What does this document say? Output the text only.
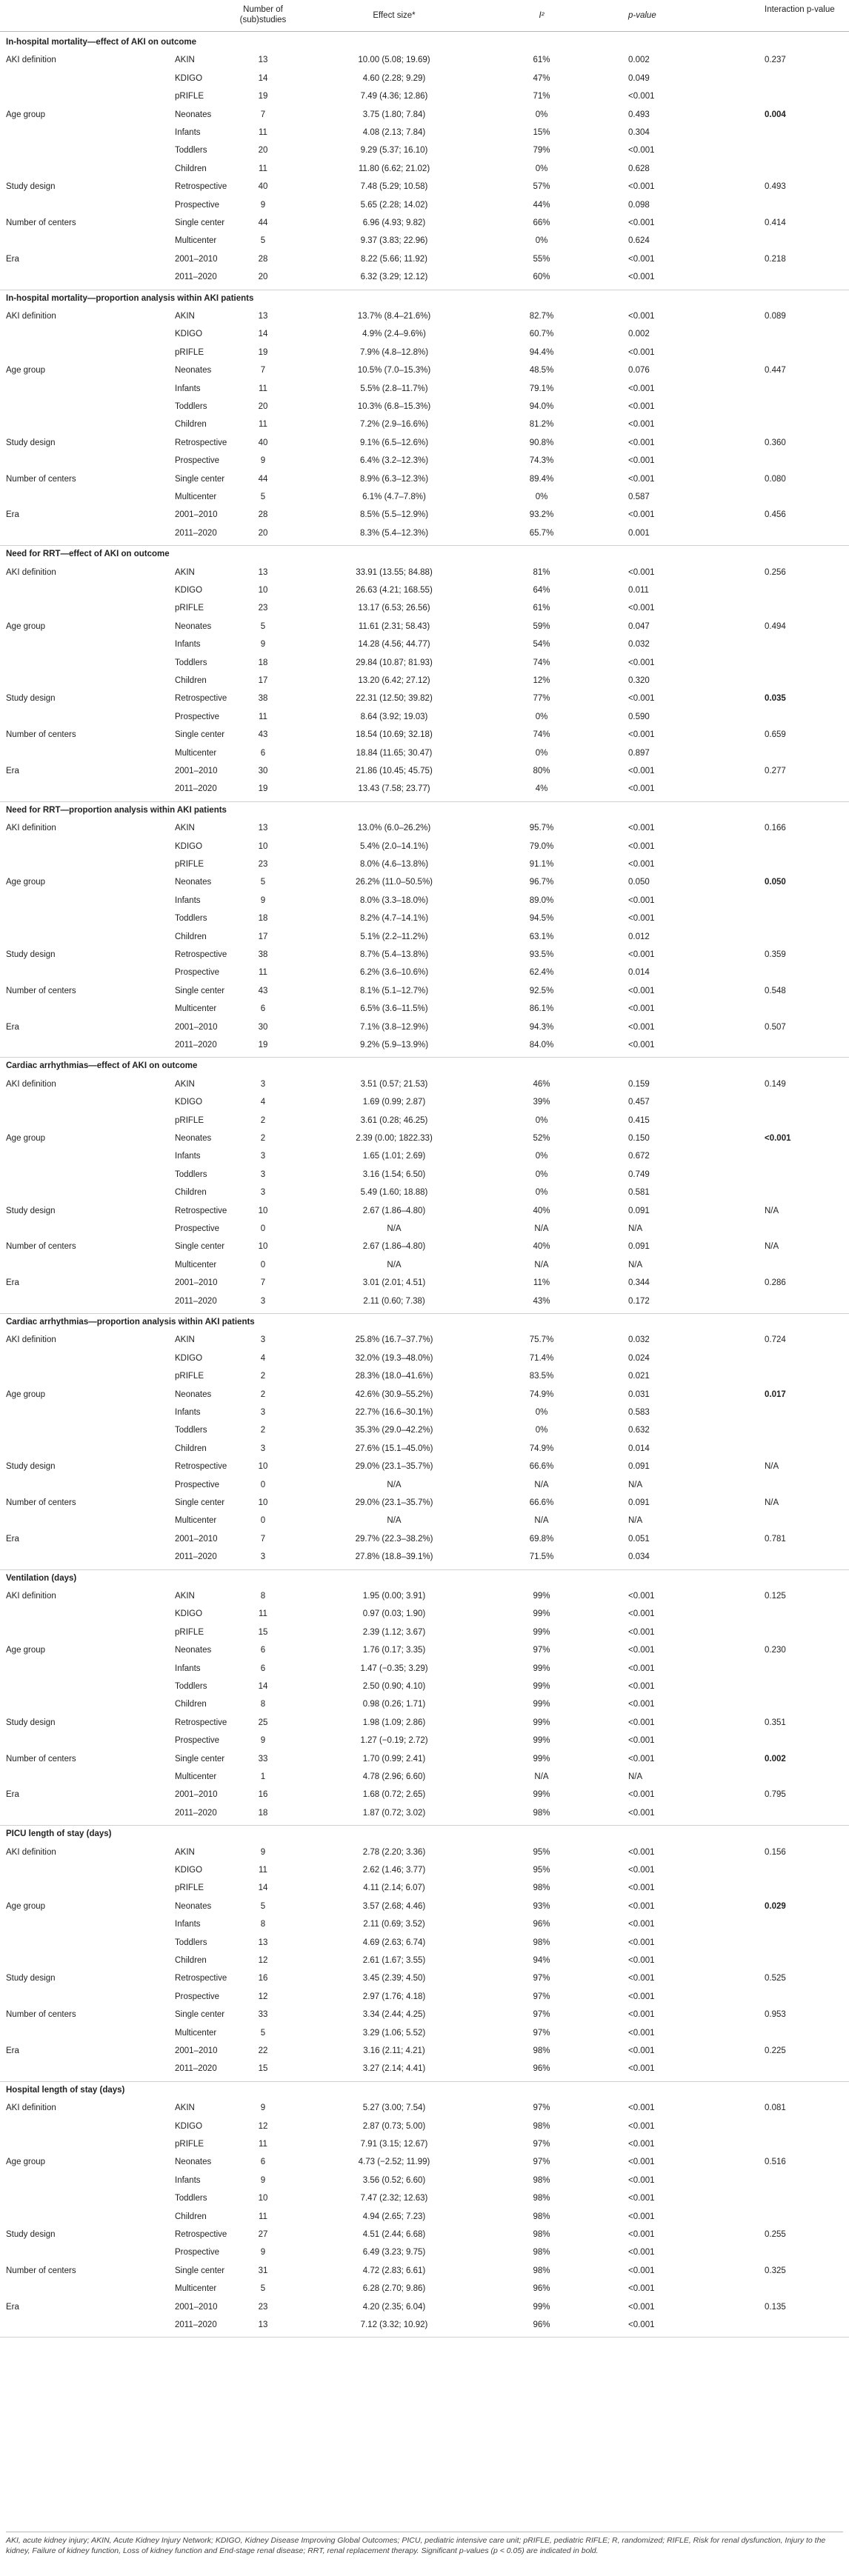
Number of (sub)studies	Effect size*	I²	p-value
Interaction p-value
In-hospital mortality—effect of AKI on outcome
AKI definition	AKIN	13	10.00 (5.08; 19.69)	61%	0.002	0.237
KDIGO	14	4.60 (2.28; 9.29)	47%	0.049
pRIFLE	19	7.49 (4.36; 12.86)	71%	<0.001
Age group	Neonates	7	3.75 (1.80; 7.84)	0%	0.493	0.004
Infants	11	4.08 (2.13; 7.84)	15%	0.304
Toddlers	20	9.29 (5.37; 16.10)	79%	<0.001
Children	11	11.80 (6.62; 21.02)	0%	0.628
Study design	Retrospective	40	7.48 (5.29; 10.58)	57%	<0.001	0.493
Prospective	9	5.65 (2.28; 14.02)	44%	0.098
Number of centers	Single center	44	6.96 (4.93; 9.82)	66%	<0.001	0.414
Multicenter	5	9.37 (3.83; 22.96)	0%	0.624
Era	2001–2010	28	8.22 (5.66; 11.92)	55%	<0.001	0.218
2011–2020	20	6.32 (3.29; 12.12)	60%	<0.001
In-hospital mortality—proportion analysis within AKI patients
AKI definition	AKIN	13	13.7% (8.4–21.6%)	82.7%	<0.001	0.089
KDIGO	14	4.9% (2.4–9.6%)	60.7%	0.002
pRIFLE	19	7.9% (4.8–12.8%)	94.4%	<0.001
Age group	Neonates	7	10.5% (7.0–15.3%)	48.5%	0.076	0.447
Infants	11	5.5% (2.8–11.7%)	79.1%	<0.001
Toddlers	20	10.3% (6.8–15.3%)	94.0%	<0.001
Children	11	7.2% (2.9–16.6%)	81.2%	<0.001
Study design	Retrospective	40	9.1% (6.5–12.6%)	90.8%	<0.001	0.360
Prospective	9	6.4% (3.2–12.3%)	74.3%	<0.001
Number of centers	Single center	44	8.9% (6.3–12.3%)	89.4%	<0.001	0.080
Multicenter	5	6.1% (4.7–7.8%)	0%	0.587
Era	2001–2010	28	8.5% (5.5–12.9%)	93.2%	<0.001	0.456
2011–2020	20	8.3% (5.4–12.3%)	65.7%	0.001
Need for RRT—effect of AKI on outcome
AKI definition	AKIN	13	33.91 (13.55; 84.88)	81%	<0.001	0.256
KDIGO	10	26.63 (4.21; 168.55)	64%	0.011
pRIFLE	23	13.17 (6.53; 26.56)	61%	<0.001
Age group	Neonates	5	11.61 (2.31; 58.43)	59%	0.047	0.494
Infants	9	14.28 (4.56; 44.77)	54%	0.032
Toddlers	18	29.84 (10.87; 81.93)	74%	<0.001
Children	17	13.20 (6.42; 27.12)	12%	0.320
Study design	Retrospective	38	22.31 (12.50; 39.82)	77%	<0.001	0.035
Prospective	11	8.64 (3.92; 19.03)	0%	0.590
Number of centers	Single center	43	18.54 (10.69; 32.18)	74%	<0.001	0.659
Multicenter	6	18.84 (11.65; 30.47)	0%	0.897
Era	2001–2010	30	21.86 (10.45; 45.75)	80%	<0.001	0.277
2011–2020	19	13.43 (7.58; 23.77)	4%	<0.001
Need for RRT—proportion analysis within AKI patients
AKI definition	AKIN	13	13.0% (6.0–26.2%)	95.7%	<0.001	0.166
KDIGO	10	5.4% (2.0–14.1%)	79.0%	<0.001
pRIFLE	23	8.0% (4.6–13.8%)	91.1%	<0.001
Age group	Neonates	5	26.2% (11.0–50.5%)	96.7%	0.050	0.050
Infants	9	8.0% (3.3–18.0%)	89.0%	<0.001
Toddlers	18	8.2% (4.7–14.1%)	94.5%	<0.001
Children	17	5.1% (2.2–11.2%)	63.1%	0.012
Study design	Retrospective	38	8.7% (5.4–13.8%)	93.5%	<0.001	0.359
Prospective	11	6.2% (3.6–10.6%)	62.4%	0.014
Number of centers	Single center	43	8.1% (5.1–12.7%)	92.5%	<0.001	0.548
Multicenter	6	6.5% (3.6–11.5%)	86.1%	<0.001
Era	2001–2010	30	7.1% (3.8–12.9%)	94.3%	<0.001	0.507
2011–2020	19	9.2% (5.9–13.9%)	84.0%	<0.001
Cardiac arrhythmias—effect of AKI on outcome
AKI definition	AKIN	3	3.51 (0.57; 21.53)	46%	0.159	0.149
KDIGO	4	1.69 (0.99; 2.87)	39%	0.457
pRIFLE	2	3.61 (0.28; 46.25)	0%	0.415
Age group	Neonates	2	2.39 (0.00; 1822.33)	52%	0.150	<0.001
Infants	3	1.65 (1.01; 2.69)	0%	0.672
Toddlers	3	3.16 (1.54; 6.50)	0%	0.749
Children	3	5.49 (1.60; 18.88)	0%	0.581
Study design	Retrospective	10	2.67 (1.86–4.80)	40%	0.091	N/A
Prospective	0	N/A	N/A	N/A
Number of centers	Single center	10	2.67 (1.86–4.80)	40%	0.091	N/A
Multicenter	0	N/A	N/A	N/A
Era	2001–2010	7	3.01 (2.01; 4.51)	11%	0.344	0.286
2011–2020	3	2.11 (0.60; 7.38)	43%	0.172
Cardiac arrhythmias—proportion analysis within AKI patients
AKI definition	AKIN	3	25.8% (16.7–37.7%)	75.7%	0.032	0.724
KDIGO	4	32.0% (19.3–48.0%)	71.4%	0.024
pRIFLE	2	28.3% (18.0–41.6%)	83.5%	0.021
Age group	Neonates	2	42.6% (30.9–55.2%)	74.9%	0.031	0.017
Infants	3	22.7% (16.6–30.1%)	0%	0.583
Toddlers	2	35.3% (29.0–42.2%)	0%	0.632
Children	3	27.6% (15.1–45.0%)	74.9%	0.014
Study design	Retrospective	10	29.0% (23.1–35.7%)	66.6%	0.091	N/A
Prospective	0	N/A	N/A	N/A
Number of centers	Single center	10	29.0% (23.1–35.7%)	66.6%	0.091	N/A
Multicenter	0	N/A	N/A	N/A
Era	2001–2010	7	29.7% (22.3–38.2%)	69.8%	0.051	0.781
2011–2020	3	27.8% (18.8–39.1%)	71.5%	0.034
Ventilation (days)
AKI definition	AKIN	8	1.95 (0.00; 3.91)	99%	<0.001	0.125
KDIGO	11	0.97 (0.03; 1.90)	99%	<0.001
pRIFLE	15	2.39 (1.12; 3.67)	99%	<0.001
Age group	Neonates	6	1.76 (0.17; 3.35)	97%	<0.001	0.230
Infants	6	1.47 (−0.35; 3.29)	99%	<0.001
Toddlers	14	2.50 (0.90; 4.10)	99%	<0.001
Children	8	0.98 (0.26; 1.71)	99%	<0.001
Study design	Retrospective	25	1.98 (1.09; 2.86)	99%	<0.001	0.351
Prospective	9	1.27 (−0.19; 2.72)	99%	<0.001
Number of centers	Single center	33	1.70 (0.99; 2.41)	99%	<0.001	0.002
Multicenter	1	4.78 (2.96; 6.60)	N/A	N/A
Era	2001–2010	16	1.68 (0.72; 2.65)	99%	<0.001	0.795
2011–2020	18	1.87 (0.72; 3.02)	98%	<0.001
PICU length of stay (days)
AKI definition	AKIN	9	2.78 (2.20; 3.36)	95%	<0.001	0.156
KDIGO	11	2.62 (1.46; 3.77)	95%	<0.001
pRIFLE	14	4.11 (2.14; 6.07)	98%	<0.001
Age group	Neonates	5	3.57 (2.68; 4.46)	93%	<0.001	0.029
Infants	8	2.11 (0.69; 3.52)	96%	<0.001
Toddlers	13	4.69 (2.63; 6.74)	98%	<0.001
Children	12	2.61 (1.67; 3.55)	94%	<0.001
Study design	Retrospective	16	3.45 (2.39; 4.50)	97%	<0.001	0.525
Prospective	12	2.97 (1.76; 4.18)	97%	<0.001
Number of centers	Single center	33	3.34 (2.44; 4.25)	97%	<0.001	0.953
Multicenter	5	3.29 (1.06; 5.52)	97%	<0.001
Era	2001–2010	22	3.16 (2.11; 4.21)	98%	<0.001	0.225
2011–2020	15	3.27 (2.14; 4.41)	96%	<0.001
Hospital length of stay (days)
AKI definition	AKIN	9	5.27 (3.00; 7.54)	97%	<0.001	0.081
KDIGO	12	2.87 (0.73; 5.00)	98%	<0.001
pRIFLE	11	7.91 (3.15; 12.67)	97%	<0.001
Age group	Neonates	6	4.73 (−2.52; 11.99)	97%	<0.001	0.516
Infants	9	3.56 (0.52; 6.60)	98%	<0.001
Toddlers	10	7.47 (2.32; 12.63)	98%	<0.001
Children	11	4.94 (2.65; 7.23)	98%	<0.001
Study design	Retrospective	27	4.51 (2.44; 6.68)	98%	<0.001	0.255
Prospective	9	6.49 (3.23; 9.75)	98%	<0.001
Number of centers	Single center	31	4.72 (2.83; 6.61)	98%	<0.001	0.325
Multicenter	5	6.28 (2.70; 9.86)	96%	<0.001
Era	2001–2010	23	4.20 (2.35; 6.04)	99%	<0.001	0.135
2011–2020	13	7.12 (3.32; 10.92)	96%	<0.001
AKI, acute kidney injury; AKIN, Acute Kidney Injury Network; KDIGO, Kidney Disease Improving Global Outcomes; PICU, pediatric intensive care unit; pRIFLE, pediatric RIFLE; R, randomized; RIFLE, Risk for renal dysfunction, Injury to the kidney, Failure of kidney function, Loss of kidney function and End-stage renal disease; RRT, renal replacement therapy. Significant p-values (p < 0.05) are indicated in bold.
